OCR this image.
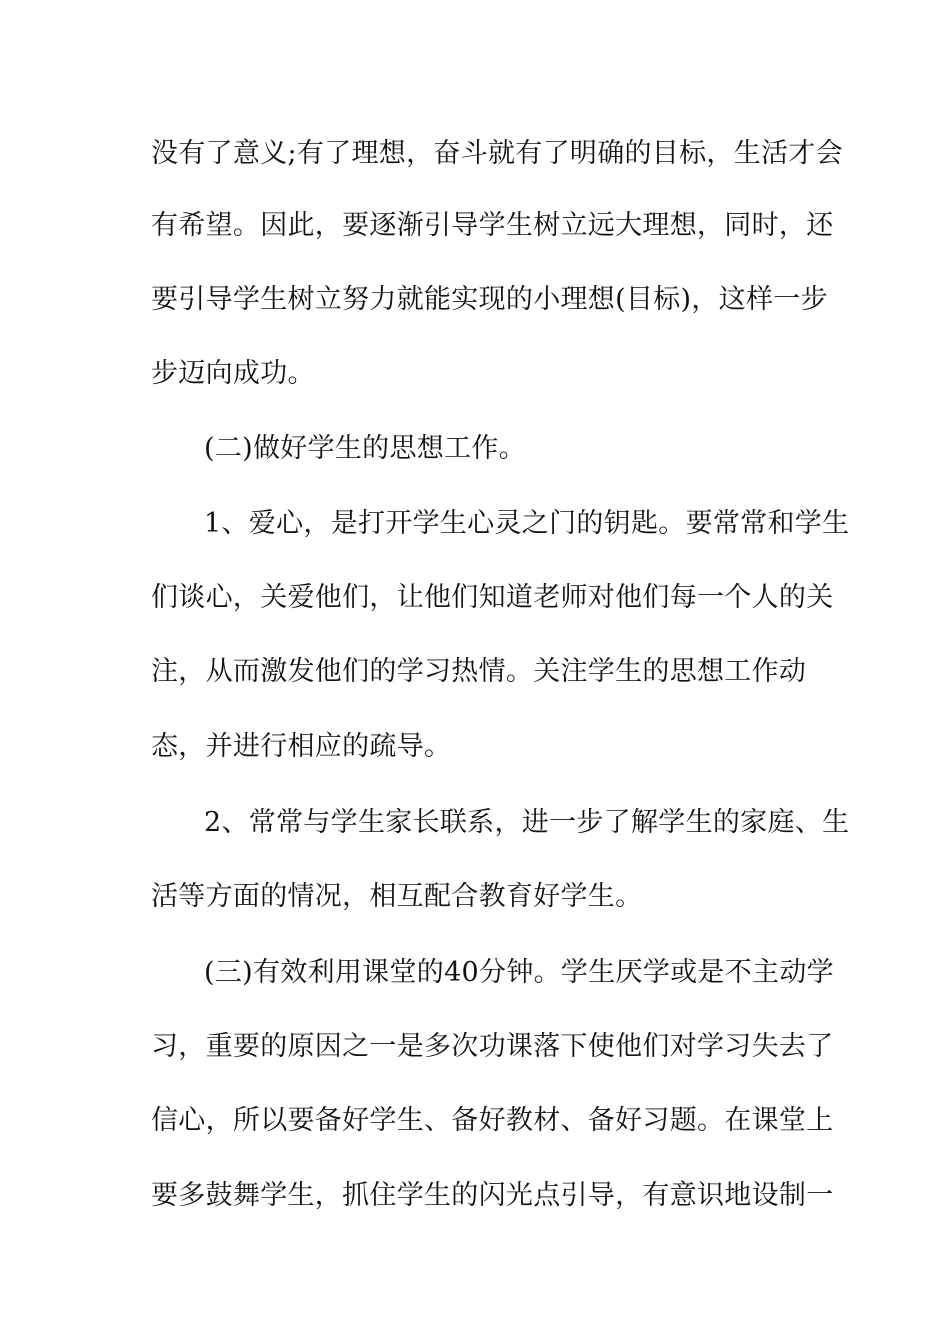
没有了意义;有了理想，奋斗就有了明确的目标，生活才会
有希望。因此，要逐渐引导学生树立远大理想，同时，还
要引导学生树立努力就能实现的小理想(目标)，这样一步
步迈向成功。
(二)做好学生的思想工作。
1、爱心，是打开学生心灵之门的钥匙。要常常和学生
们谈心，关爱他们，让他们知道老师对他们每一个人的关
注，从而激发他们的学习热情。关注学生的思想工作动
态，并进行相应的疏导。
2、常常与学生家长联系，进一步了解学生的家庭、生
活等方面的情况，相互配合教育好学生。
(三)有效利用课堂的40分钟。学生厌学或是不主动学
习，重要的原因之一是多次功课落下使他们对学习失去了
信心，所以要备好学生、备好教材、备好习题。在课堂上
要多鼓舞学生，抓住学生的闪光点引导，有意识地设制一
